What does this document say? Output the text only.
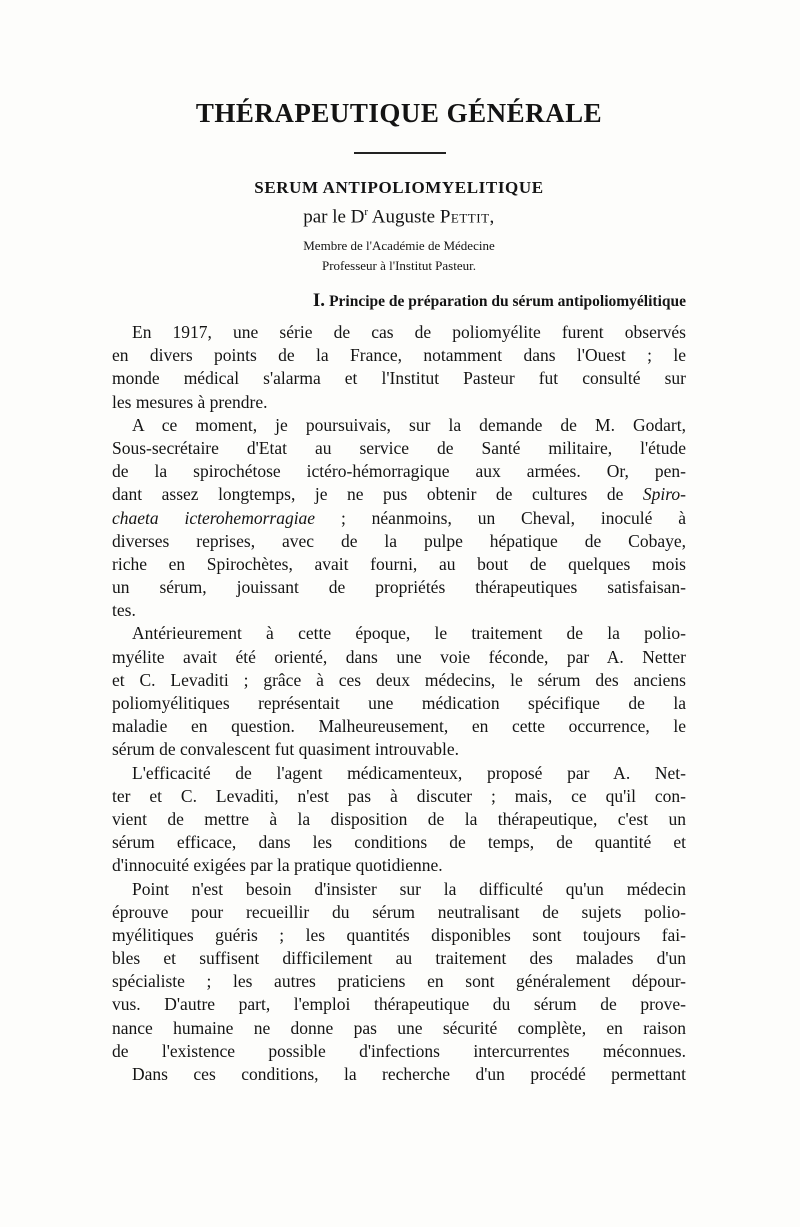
THÉRAPEUTIQUE GÉNÉRALE
SERUM ANTIPOLIOMYELITIQUE
par le $D^r$ Auguste Pettit,
Membre de l'Académie de Médecine
Professeur à l'Institut Pasteur.
I. Principe de préparation du sérum antipoliomyélitique
En 1917, une série de cas de poliomyélite furent observés
en divers points de la France, notamment dans l'Ouest ; le
monde médical s'alarma et l'Institut Pasteur fut consulté sur
les mesures à prendre.
A ce moment, je poursuivais, sur la demande de M. Godart,
Sous-secrétaire d'Etat au service de Santé militaire, l'étude
de la spirochétose ictéro-hémorragique aux armées. Or, pen-
dant assez longtemps, je ne pus obtenir de cultures de Spiro-
chaeta icterohemorragiae ; néanmoins, un Cheval, inoculé à
diverses reprises, avec de la pulpe hépatique de Cobaye,
riche en Spirochètes, avait fourni, au bout de quelques mois
un sérum, jouissant de propriétés thérapeutiques satisfaisan-
tes.
Antérieurement à cette époque, le traitement de la polio-
myélite avait été orienté, dans une voie féconde, par A. Netter
et C. Levaditi ; grâce à ces deux médecins, le sérum des anciens
poliomyélitiques représentait une médication spécifique de la
maladie en question. Malheureusement, en cette occurrence, le
sérum de convalescent fut quasiment introuvable.
L'efficacité de l'agent médicamenteux, proposé par A. Net-
ter et C. Levaditi, n'est pas à discuter ; mais, ce qu'il con-
vient de mettre à la disposition de la thérapeutique, c'est un
sérum efficace, dans les conditions de temps, de quantité et
d'innocuité exigées par la pratique quotidienne.
Point n'est besoin d'insister sur la difficulté qu'un médecin
éprouve pour recueillir du sérum neutralisant de sujets polio-
myélitiques guéris ; les quantités disponibles sont toujours fai-
bles et suffisent difficilement au traitement des malades d'un
spécialiste ; les autres praticiens en sont généralement dépour-
vus. D'autre part, l'emploi thérapeutique du sérum de prove-
nance humaine ne donne pas une sécurité complète, en raison
de l'existence possible d'infections intercurrentes méconnues.
Dans ces conditions, la recherche d'un procédé permettant
